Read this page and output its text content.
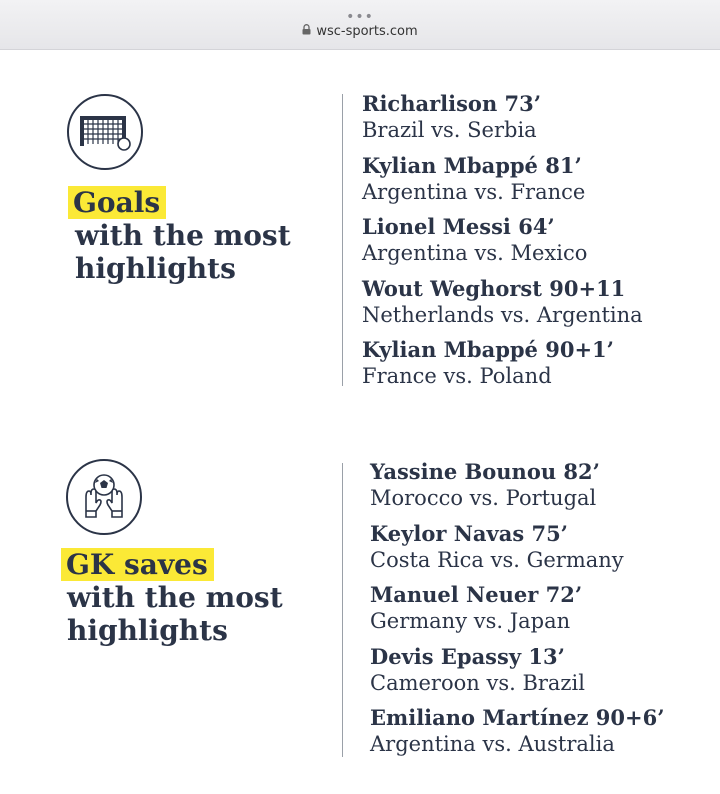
•••
wsc-sports.com
Goals
with the most
highlights
Richarlison 73’
Brazil vs. Serbia
Kylian Mbappé 81’
Argentina vs. France
Lionel Messi 64’
Argentina vs. Mexico
Wout Weghorst 90+11
Netherlands vs. Argentina
Kylian Mbappé 90+1’
France vs. Poland
GK saves
with the most
highlights
Yassine Bounou 82’
Morocco vs. Portugal
Keylor Navas 75’
Costa Rica vs. Germany
Manuel Neuer 72’
Germany vs. Japan
Devis Epassy 13’
Cameroon vs. Brazil
Emiliano Martínez 90+6’
Argentina vs. Australia
